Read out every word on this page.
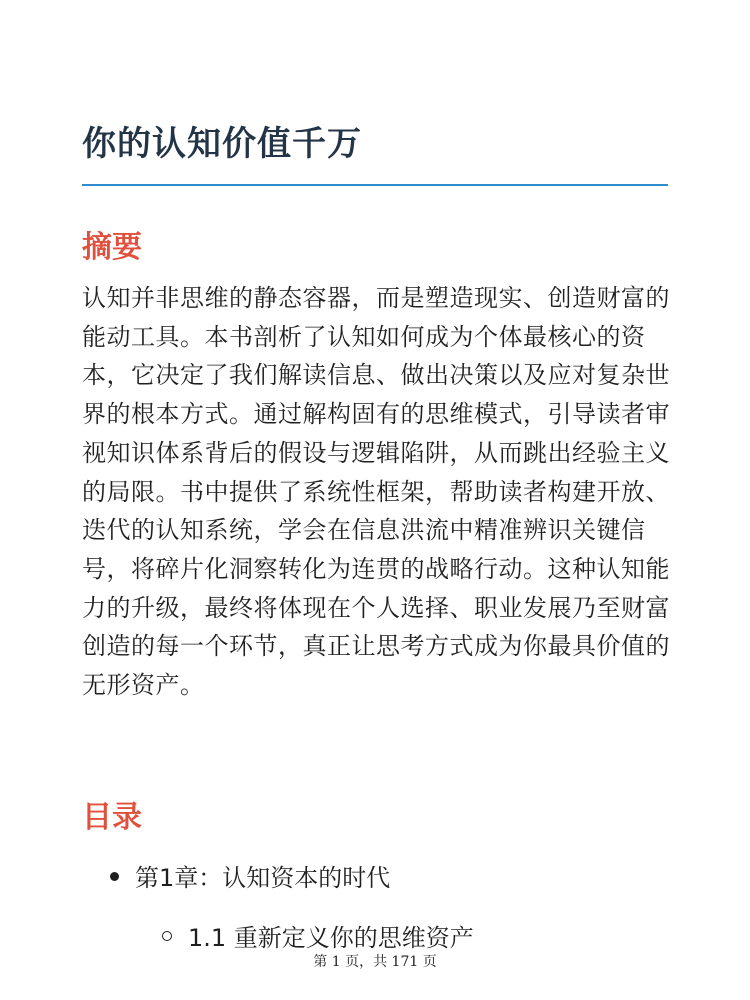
你的认知价值千万
摘要
认知并非思维的静态容器，而是塑造现实、创造财富的能动工具。本书剖析了认知如何成为个体最核心的资本，它决定了我们解读信息、做出决策以及应对复杂世界的根本方式。通过解构固有的思维模式，引导读者审视知识体系背后的假设与逻辑陷阱，从而跳出经验主义的局限。书中提供了系统性框架，帮助读者构建开放、迭代的认知系统，学会在信息洪流中精准辨识关键信号，将碎片化洞察转化为连贯的战略行动。这种认知能力的升级，最终将体现在个人选择、职业发展乃至财富创造的每一个环节，真正让思考方式成为你最具价值的无形资产。
目录
第1章：认知资本的时代
1.1 重新定义你的思维资产
第 1 页，共 171 页
